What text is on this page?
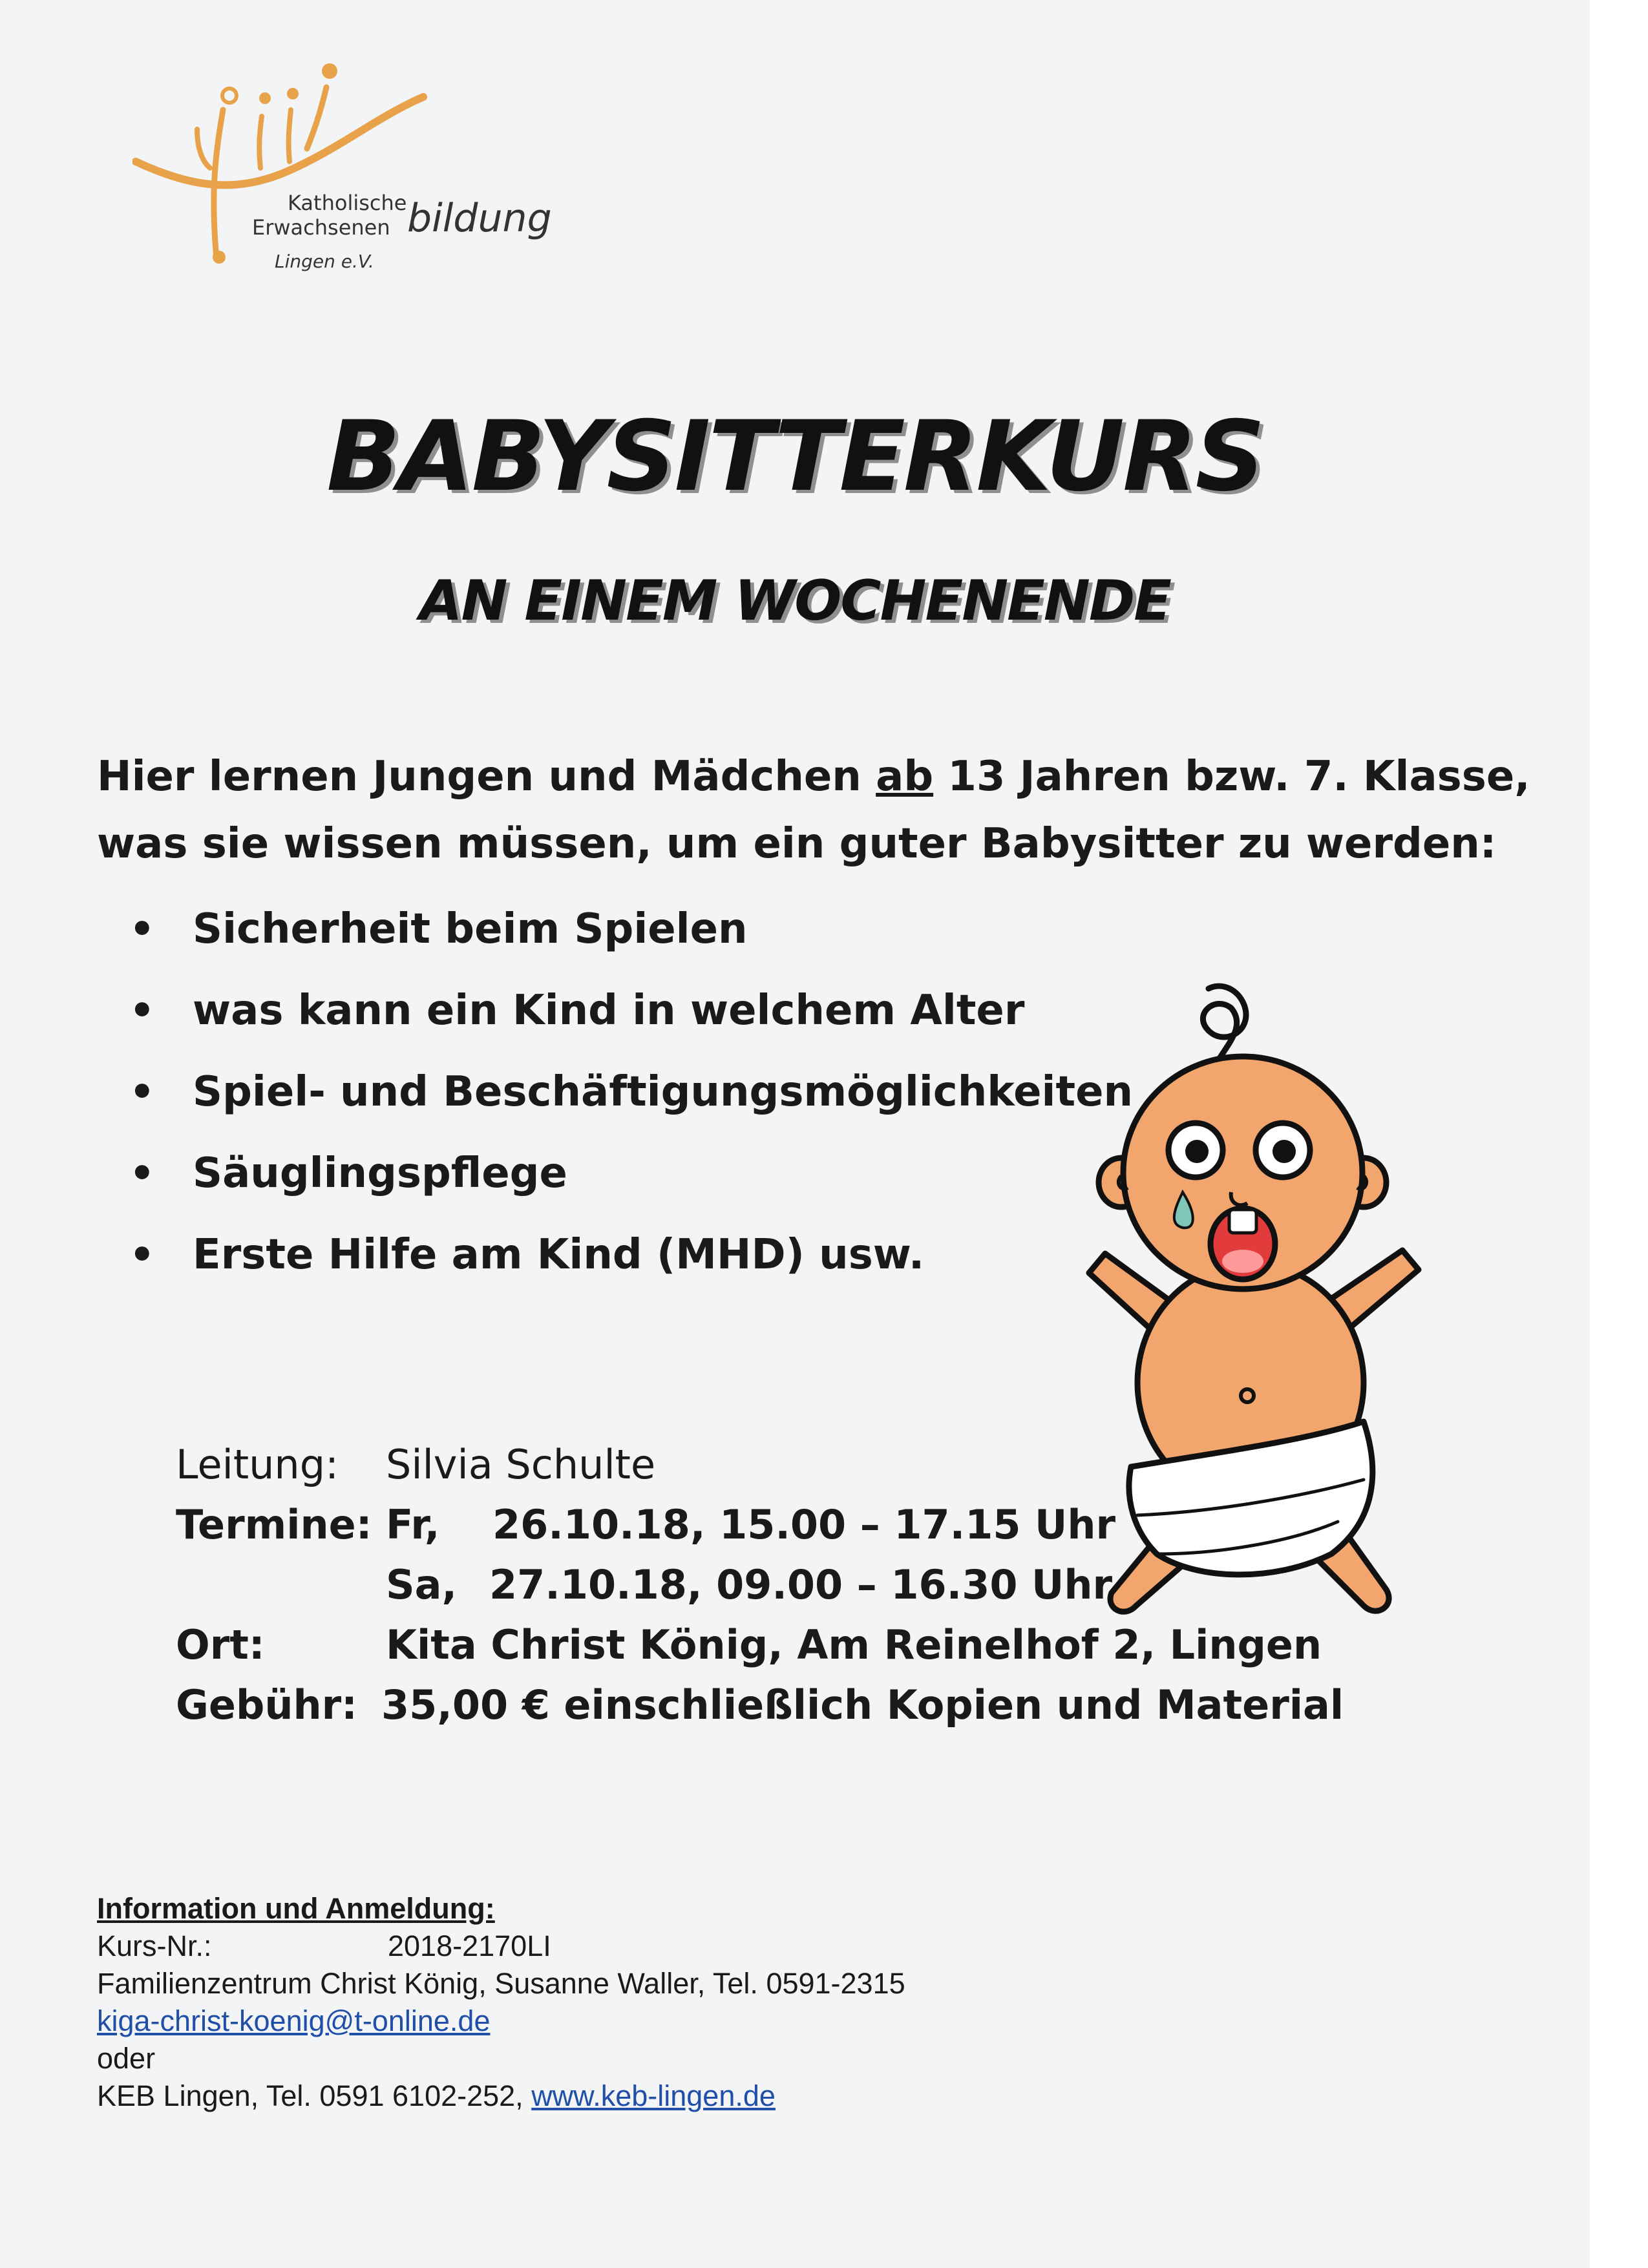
Katholische
Erwachsenen bildung
Lingen e.V.
BABYSITTERKURS
AN EINEM WOCHENENDE
Hier lernen Jungen und Mädchen ab 13 Jahren bzw. 7. Klasse,
was sie wissen müssen, um ein guter Babysitter zu werden:
• Sicherheit beim Spielen
• was kann ein Kind in welchem Alter
• Spiel- und Beschäftigungsmöglichkeiten
• Säuglingspflege
• Erste Hilfe am Kind (MHD) usw.
Leitung: Silvia Schulte
Termine: Fr, 26.10.18, 15.00 – 17.15 Uhr
Sa, 27.10.18, 09.00 – 16.30 Uhr
Ort:	Kita Christ König, Am Reinelhof 2, Lingen
Gebühr: 35,00 € einschließlich Kopien und Material
Information und Anmeldung:
Kurs-Nr.:	2018-2170LI
Familienzentrum Christ König, Susanne Waller, Tel. 0591-2315
kiga-christ-koenig@t-online.de
oder
KEB Lingen, Tel. 0591 6102-252, www.keb-lingen.de
